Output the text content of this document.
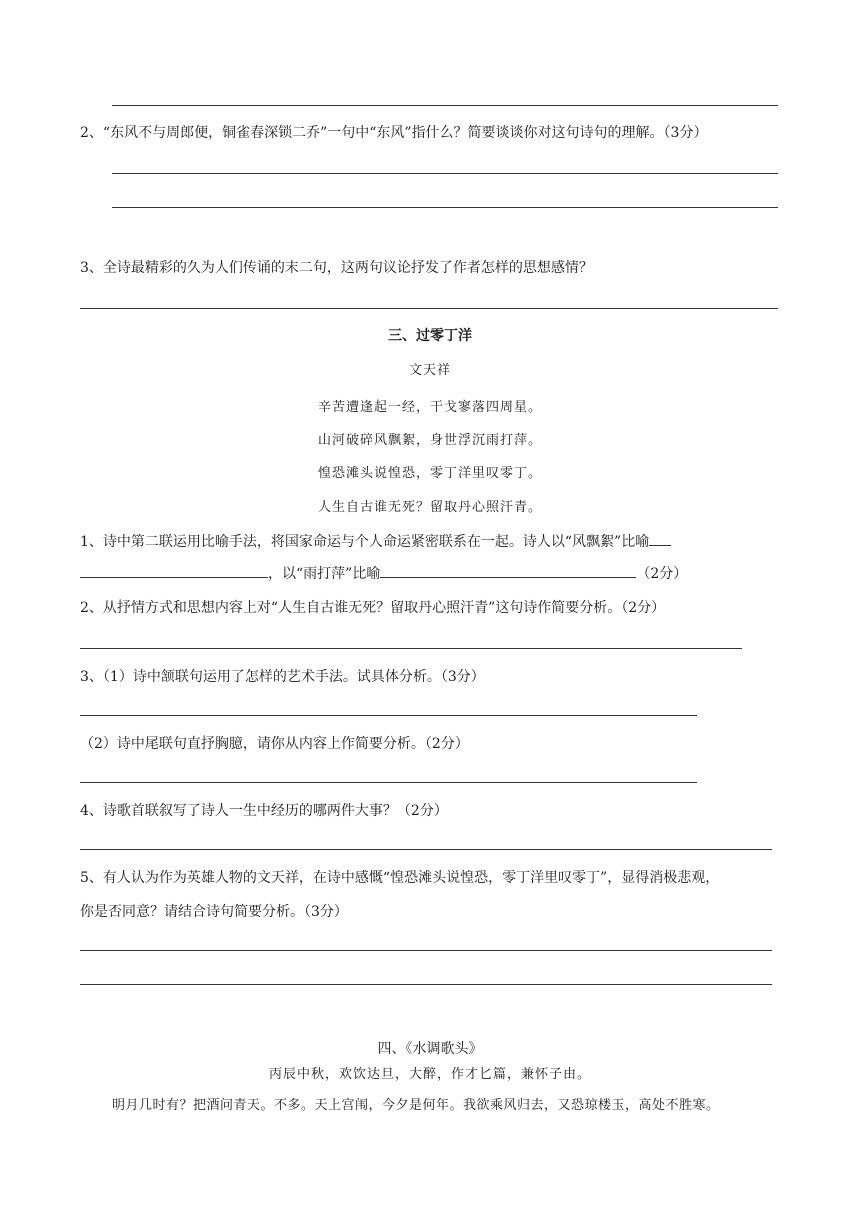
2、“东风不与周郎便，铜雀春深锁二乔”一句中“东风”指什么？简要谈谈你对这句诗句的理解。（3分）
3、全诗最精彩的久为人们传诵的末二句，这两句议论抒发了作者怎样的思想感情？
三、过零丁洋
文天祥
辛苦遭逢起一经，干戈寥落四周星。
山河破碎风飘絮，身世浮沉雨打萍。
惶恐滩头说惶恐，零丁洋里叹零丁。
人生自古谁无死？留取丹心照汗青。
1、诗中第二联运用比喻手法，将国家命运与个人命运紧密联系在一起。诗人以“风飘絮”比喻
，以“雨打萍”比喻	（2分）
2、从抒情方式和思想内容上对“人生自古谁无死？留取丹心照汗青”这句诗作简要分析。（2分）
3、（1）诗中颔联句运用了怎样的艺术手法。试具体分析。（3分）
（2）诗中尾联句直抒胸臆，请你从内容上作简要分析。（2分）
4、诗歌首联叙写了诗人一生中经历的哪两件大事？（2分）
5、有人认为作为英雄人物的文天祥，在诗中感慨“惶恐滩头说惶恐，零丁洋里叹零丁”，显得消极悲观，
你是否同意？请结合诗句简要分析。（3分）
四、《水调歌头》
丙辰中秋，欢饮达旦，大醉，作才匕篇，兼怀子由。
明月几时有？把酒问青天。不多。天上宫闱，今夕是何年。我欲乘风归去，又恐琼楼玉，高处不胜寒。
